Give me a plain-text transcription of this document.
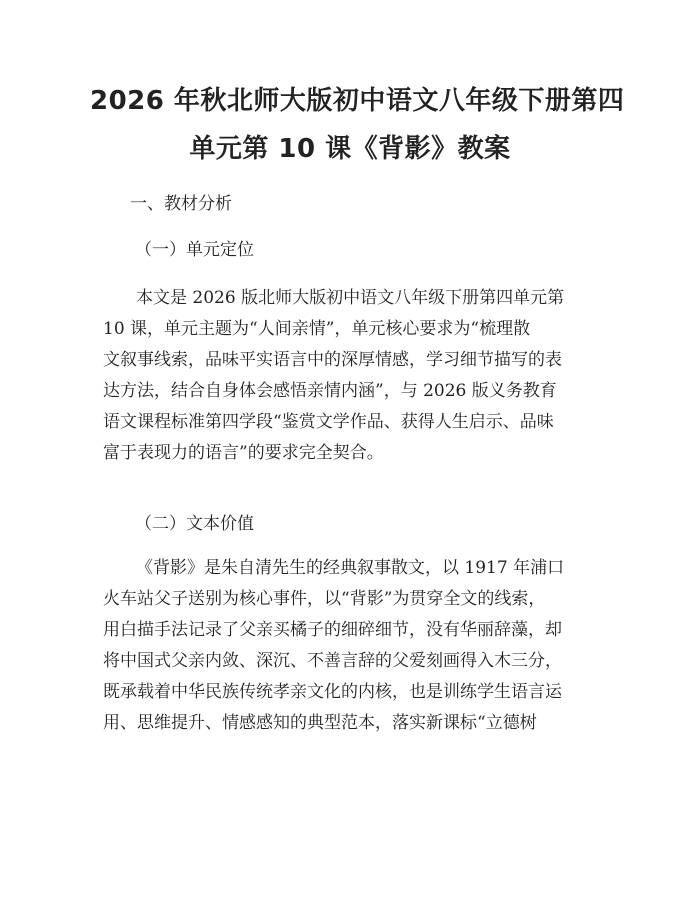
2026 年秋北师大版初中语文八年级下册第四
单元第 10 课《背影》教案

一、教材分析

（一）单元定位

本文是 2026 版北师大版初中语文八年级下册第四单元第
10 课，单元主题为“人间亲情”，单元核心要求为“梳理散
文叙事线索，品味平实语言中的深厚情感，学习细节描写的表
达方法，结合自身体会感悟亲情内涵”，与 2026 版义务教育
语文课程标准第四学段“鉴赏文学作品、获得人生启示、品味
富于表现力的语言”的要求完全契合。

（二）文本价值

《背影》是朱自清先生的经典叙事散文，以 1917 年浦口
火车站父子送别为核心事件，以“背影”为贯穿全文的线索，
用白描手法记录了父亲买橘子的细碎细节，没有华丽辞藻，却
将中国式父亲内敛、深沉、不善言辞的父爱刻画得入木三分，
既承载着中华民族传统孝亲文化的内核，也是训练学生语言运
用、思维提升、情感感知的典型范本，落实新课标“立德树
